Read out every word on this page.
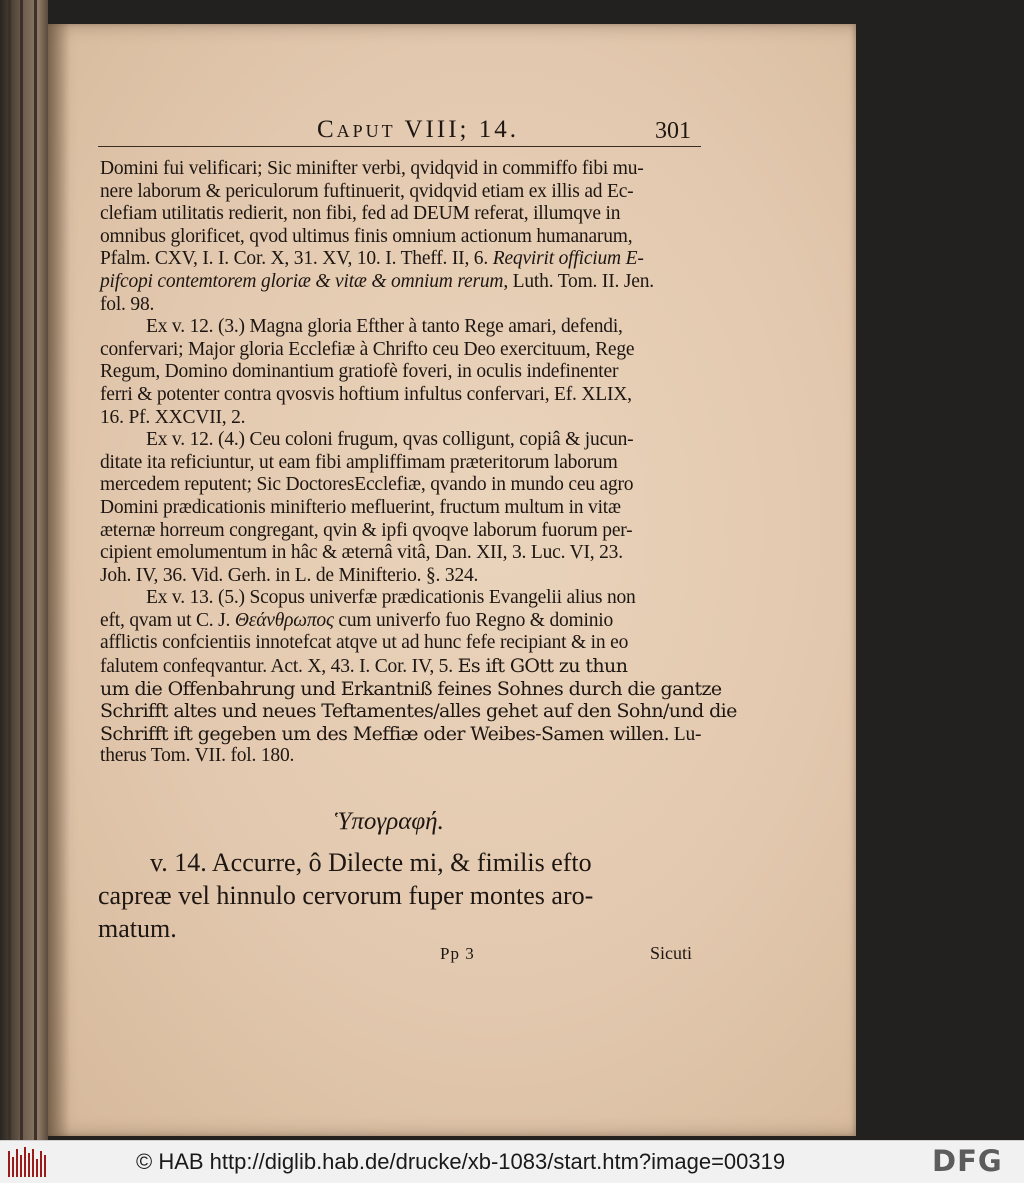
Caput VIII; 14.	301
Domini fui velificari; Sic minifter verbi, qvidqvid in commiffo fibi mu-
nere laborum & periculorum fuftinuerit, qvidqvid etiam ex illis ad Ec-
clefiam utilitatis redierit, non fibi, fed ad DEUM referat, illumqve in
omnibus glorificet, qvod ultimus finis omnium actionum humanarum,
Pfalm. CXV, I. I. Cor. X, 31. XV, 10. I. Theff. II, 6. Reqvirit officium E-
pifcopi contemtorem gloriæ & vitæ & omnium rerum, Luth. Tom. II. Jen.
fol. 98.
Ex v. 12. (3.) Magna gloria Efther à tanto Rege amari, defendi,
confervari; Major gloria Ecclefiæ à Chrifto ceu Deo exercituum, Rege
Regum, Domino dominantium gratiofè foveri, in oculis indefinenter
ferri & potenter contra qvosvis hoftium infultus confervari, Ef. XLIX,
16. Pf. XXCVII, 2.
Ex v. 12. (4.) Ceu coloni frugum, qvas colligunt, copiâ & jucun-
ditate ita reficiuntur, ut eam fibi ampliffimam præteritorum laborum
mercedem reputent; Sic DoctoresEcclefiæ, qvando in mundo ceu agro
Domini prædicationis minifterio mefluerint, fructum multum in vitæ
æternæ horreum congregant, qvin & ipfi qvoqve laborum fuorum per-
cipient emolumentum in hâc & æternâ vitâ, Dan. XII, 3. Luc. VI, 23.
Joh. IV, 36. Vid. Gerh. in L. de Minifterio. §. 324.
Ex v. 13. (5.) Scopus univerfæ prædicationis Evangelii alius non
eft, qvam ut C. J. Θεάνθρωπος cum univerfo fuo Regno & dominio
afflictis confcientiis innotefcat atqve ut ad hunc fefe recipiant & in eo
falutem confeqvantur. Act. X, 43. I. Cor. IV, 5. Es ift GOtt zu thun
um die Offenbahrung und Erkantniß feines Sohnes durch die gantze
Schrifft altes und neues Teftamentes/alles gehet auf den Sohn/und die
Schrifft ift gegeben um des Meffiæ oder Weibes-Samen willen. Lu-
therus Tom. VII. fol. 180.
Ὑπογραφή.
v. 14. Accurre, ô Dilecte mi, & fimilis efto
capreæ vel hinnulo cervorum fuper montes aro-
matum.
Pp 3	Sicuti
© HAB http://diglib.hab.de/drucke/xb-1083/start.htm?image=00319	DFG
